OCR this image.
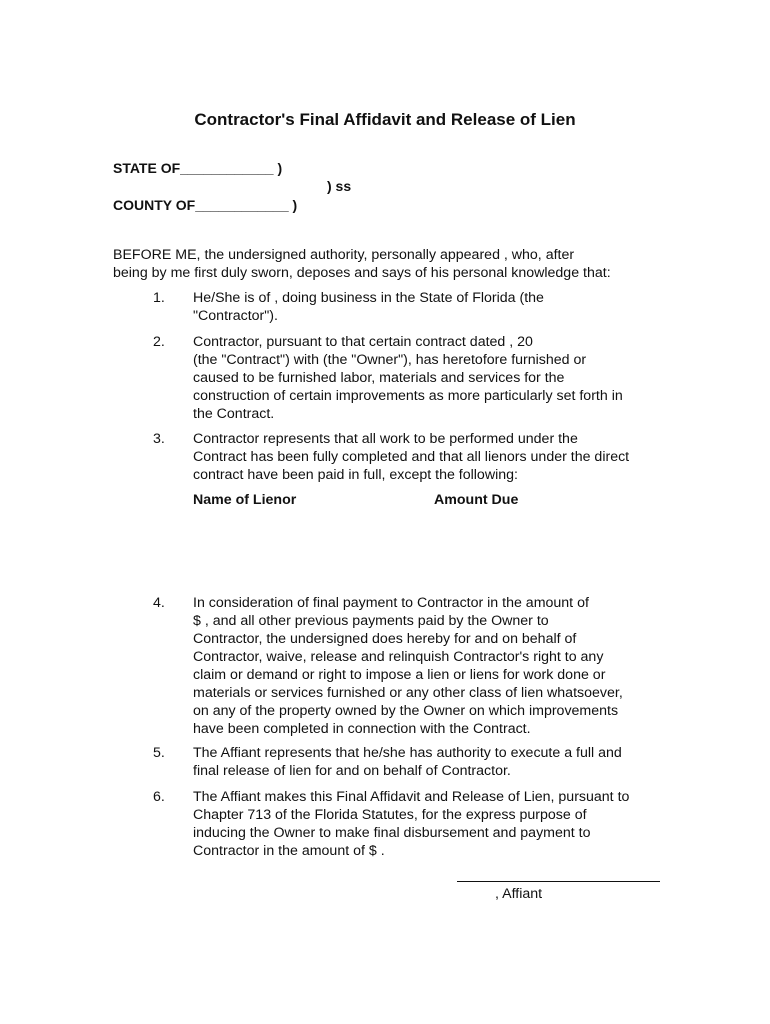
Contractor's Final Affidavit and Release of Lien
STATE OF____________ )
) ss
COUNTY OF____________ )
BEFORE ME, the undersigned authority, personally appeared , who, after
being by me first duly sworn, deposes and says of his personal knowledge that:
1. He/She is of , doing business in the State of Florida (the
"Contractor").
2. Contractor, pursuant to that certain contract dated , 20
(the "Contract") with (the "Owner"), has heretofore furnished or
caused to be furnished labor, materials and services for the
construction of certain improvements as more particularly set forth in
the Contract.
3. Contractor represents that all work to be performed under the
Contract has been fully completed and that all lienors under the direct
contract have been paid in full, except the following:
Name of Lienor	Amount Due
4. In consideration of final payment to Contractor in the amount of
$ , and all other previous payments paid by the Owner to
Contractor, the undersigned does hereby for and on behalf of
Contractor, waive, release and relinquish Contractor's right to any
claim or demand or right to impose a lien or liens for work done or
materials or services furnished or any other class of lien whatsoever,
on any of the property owned by the Owner on which improvements
have been completed in connection with the Contract.
5. The Affiant represents that he/she has authority to execute a full and
final release of lien for and on behalf of Contractor.
6. The Affiant makes this Final Affidavit and Release of Lien, pursuant to
Chapter 713 of the Florida Statutes, for the express purpose of
inducing the Owner to make final disbursement and payment to
Contractor in the amount of $ .
, Affiant
